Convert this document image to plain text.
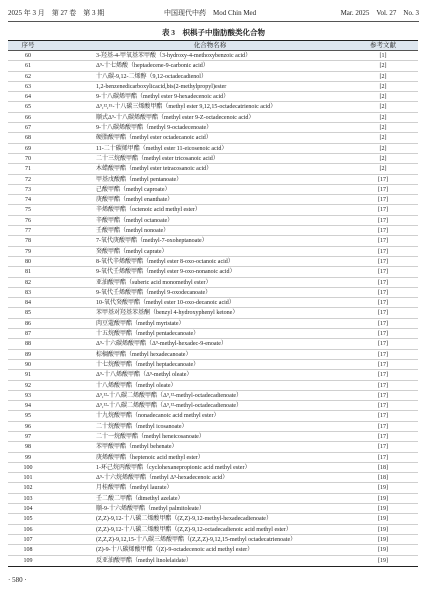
2025 年 3 月　第 27 卷　第 3 期	中国现代中药　Mod Chin Med	Mar. 2025　Vol. 27　No. 3
表 3　枳椇子中脂肪酸类化合物
序号	化合物名称	参考文献
60	3-羟基-4-甲氧基苯甲酸（3-hydroxy-4-methoxybenzoic acid）	[1]
61	Δ⁹-十七烯酸（heptadecene-9-carbonic acid）	[2]
62	十八碳-9,12-二烯醇（9,12-octadecadienol）	[2]
63	1,2-benzenedicarboxylicacid,bis(2-methylpropyl)ester	[2]
64	9-十八碳烯甲酯（methyl ester 9-hexadecenoic acid）	[2]
65	Δ⁹,¹²,¹⁵-十八碳三烯酸甲酯（methyl ester 9,12,15-octadecatrienoic acid）	[2]
66	顺式Δ⁹-十八碳烯酸甲酯（methyl ester 9-Z-octadecenoic acid）	[2]
67	9-十八碳烯酸甲酯（methyl 9-octadecenoate）	[2]
68	硬脂酸甲酯（methyl ester octadecanoic acid）	[2]
69	11-二十碳烯甲酯（methyl ester 11-eicosenoic acid）	[2]
70	二十三烷酸甲酯（methyl ester tricosanoic acid）	[2]
71	木蜡酸甲酯（methyl ester tetracosanoic acid）	[2]
72	甲基戊酸酯（methyl pentanoate）	[17]
73	己酸甲酯（methyl caproate）	[17]
74	庚酸甲酯（methyl enanthate）	[17]
75	辛烯酸甲酯（octenoic acid methyl ester）	[17]
76	辛酸甲酯（methyl octanoate）	[17]
77	壬酸甲酯（methyl nonoate）	[17]
78	7-氧代庚酸甲酯（methyl-7-oxoheptanoate）	[17]
79	癸酸甲酯（methyl caprate）	[17]
80	8-氧代辛烯酸甲酯（methyl ester 8-oxo-octanoic acid）	[17]
81	9-氧代壬烯酸甲酯（methyl ester 9-oxo-nonanoic acid）	[17]
82	亚油酸甲酯（suberic acid monomethyl ester）	[17]
83	9-氧代壬烯酸甲酯（methyl 9-oxodecanoate）	[17]
84	10-氧代癸酸甲酯（methyl ester 10-oxo-decanoic acid）	[17]
85	苯甲基对羟基苯基酮（benzyl 4-hydroxyphenyl ketone）	[17]
86	肉豆蔻酸甲酯（methyl myristate）	[17]
87	十五烷酸甲酯（methyl pentadecanoate）	[17]
88	Δ⁹-十六碳烯酸甲酯（Δ⁹-methyl-hexadec-9-enoate）	[17]
89	棕榈酸甲酯（methyl hexadecanoate）	[17]
90	十七烷酸甲酯（methyl heptadecanoate）	[17]
91	Δ⁹-十八烯酸甲酯（Δ⁹-methyl oleate）	[17]
92	十八烯酸甲酯（methyl oleate）	[17]
93	Δ⁹,¹²-十八碳二烯酸甲酯（Δ⁹,¹²-methyl-octadecadienoate）	[17]
94	Δ⁹,¹²-十八碳二烯酸甲酯（Δ⁹,¹²-methyl-octadecadienoate）	[17]
95	十九烷酸甲酯（nonadecanoic acid methyl ester）	[17]
96	二十烷酸甲酯（methyl icosanoate）	[17]
97	二十一烷酸甲酯（methyl heneicosanoate）	[17]
98	苯甲酸甲酯（methyl behenate）	[17]
99	庚烯酸甲酯（heptenoic acid methyl ester）	[17]
100	1-环己烷丙酸甲酯（cyclohexanepropionic acid methyl ester）	[18]
101	Δ⁹-十六烷烯酸甲酯（methyl Δ⁹-hexadecenoic acid）	[18]
102	月桂酸甲酯（methyl laurate）	[19]
103	壬二酸二甲酯（dimethyl azelate）	[19]
104	顺-9-十六烯酸甲酯（methyl palmitoleate）	[19]
105	(Z,Z)-9,12-十八碳二烯酸甲酯（(Z,Z)-9,12-methyl-hexadecadienoate）	[19]
106	(Z,Z)-9,12-十八碳二烯酸甲酯（(Z,Z)-9,12-octadecadienoic acid methyl ester）	[19]
107	(Z,Z,Z)-9,12,15-十八碳三烯酸甲酯（(Z,Z,Z)-9,12,15-methyl octadecatrienoate）	[19]
108	(Z)-9-十八碳烯酸甲酯（(Z)-9-octadecenoic acid methyl ester）	[19]
109	反亚油酸甲酯（methyl linolelaidate）	[19]
· 580 ·
